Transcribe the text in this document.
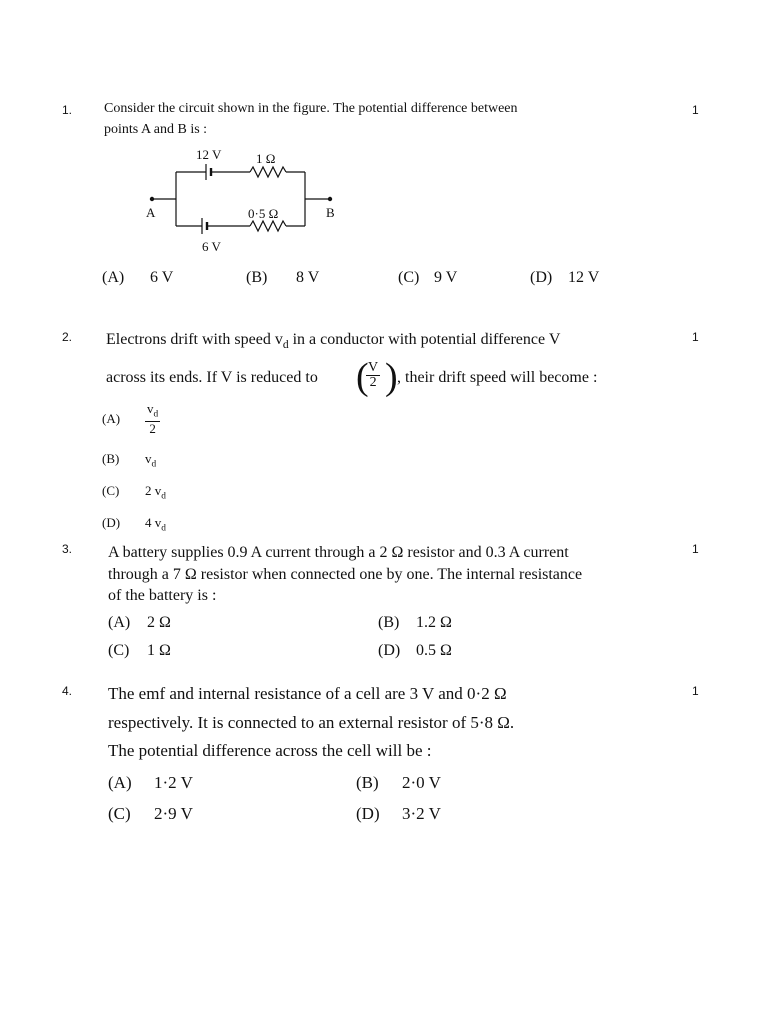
1.	1
Consider the circuit shown in the figure. The potential difference between
points A and B is :
12 V	1 Ω
A	0·5 Ω	B
6 V
(A) 6 V	(B) 8 V	(C) 9 V	(D) 12 V
2.	1
Electrons drift with speed $v_d$ in a conductor with potential difference V
across its ends. If V is reduced to (
$\frac{V}{2}$ ) , their drift speed will become :
$(A) \frac{v_d}{2}$
(B) $v_d$
(C) 2 $v_d$
(D) 4 $v_d$
3.	1
A battery supplies 0.9 A current through a 2 Ω resistor and 0.3 A current
through a 7 Ω resistor when connected one by one. The internal resistance
of the battery is :
(A) 2 Ω	(B) 1.2 Ω
(C) 1 Ω	(D) 0.5 Ω
4.	1
The emf and internal resistance of a cell are 3 V and 0·2 Ω
respectively. It is connected to an external resistor of 5·8 Ω.
The potential difference across the cell will be :
(A) 1·2 V	(B) 2·0 V
(C) 2·9 V	(D) 3·2 V
